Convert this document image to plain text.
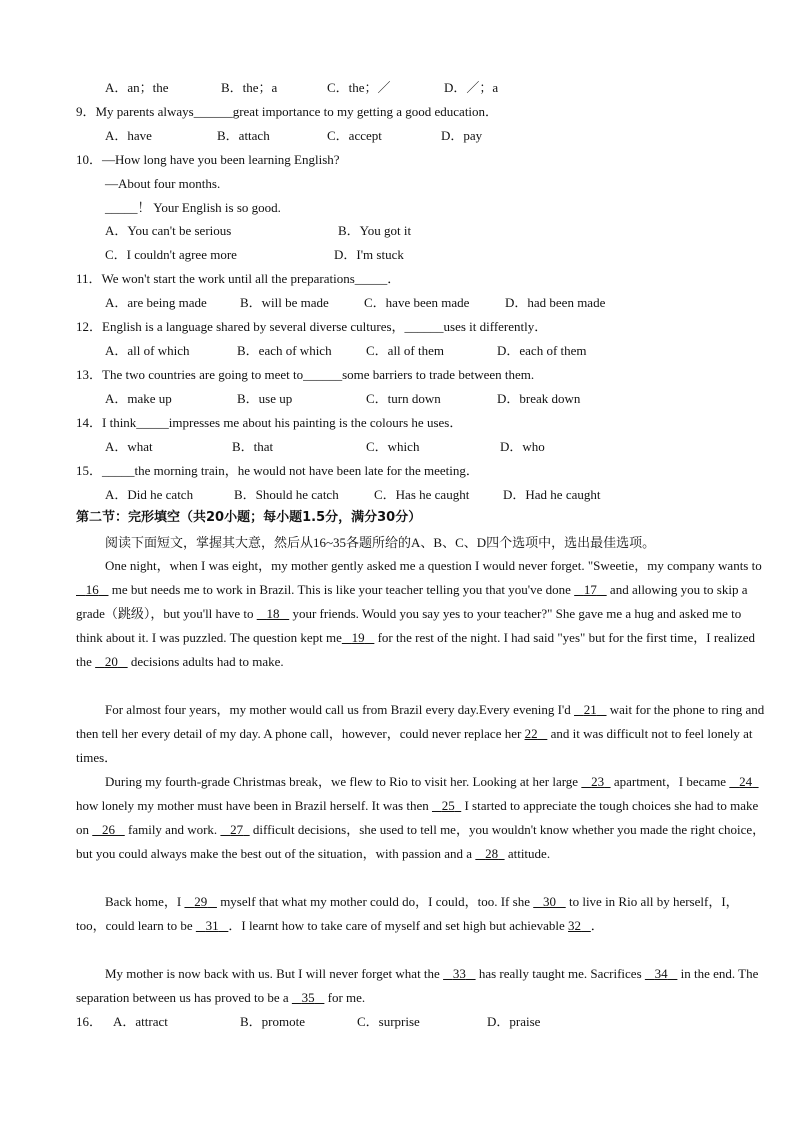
A．an；the	B．the；a	C．the；／	D．／；a
9．My parents always______great importance to my getting a good education．
A．have	B．attach	C．accept	D．pay
10．—How long have you been learning English?
—About four months.
_____！ Your English is so good.
A．You can't be serious	B．You got it
C．I couldn't agree more	D．I'm stuck
11．We won't start the work until all the preparations_____．
A．are being made	B．will be made	C．have been made	D．had been made
12．English is a language shared by several diverse cultures，______uses it differently．
A．all of which	B．each of which	C．all of them	D．each of them
13．The two countries are going to meet to______some barriers to trade between them.
A．make up	B．use up	C．turn down	D．break down
14．I think_____impresses me about his painting is the colours he uses．
A．what	B．that	C．which	D．who
15．_____the morning train，he would not have been late for the meeting．
A．Did he catch	B．Should he catch	C．Has he caught	D．Had he caught
第二节：完形填空（共20小题；每小题1.5分，满分30分）
阅读下面短文，掌握其大意，然后从16~35各题所给的A、B、C、D四个选项中，选出最佳选项。
One night，when I was eight，my mother gently asked me a question I would never forget. "Sweetie，my company wants to    16    me but needs me to work in Brazil. This is like your teacher telling you that you've done    17    and allowing you to skip a grade（跳级），but you'll have to    18    your friends. Would you say yes to your teacher?" She gave me a hug and asked me to think about it. I was puzzled. The question kept me 19    for the rest of the night. I had said "yes" but for the first time，I realized the    20    decisions adults had to make.
For almost four years，my mother would call us from Brazil every day.Every evening I'd    21    wait for the phone to ring and then tell her every detail of my day. A phone call，however，could never replace her 22    and it was difficult not to feel lonely at times．
During my fourth-grade Christmas break，we flew to Rio to visit her. Looking at her large    23   apartment，I became    24   how lonely my mother must have been in Brazil herself. It was then    25   I started to appreciate the tough choices she had to make on    26    family and work.    27   difficult decisions，she used to tell me，you wouldn't know whether you made the right choice，but you could always make the best out of the situation，with passion and a    28   attitude.
Back home，I    29    myself that what my mother could do，I could，too. If she    30    to live in Rio all by herself，I，too，could learn to be    31 ．I learnt how to take care of myself and set high but achievable 32 ．
My mother is now back with us. But I will never forget what the    33    has really taught me. Sacrifices    34    in the end. The separation between us has proved to be a    35    for me.
16． A．attract	B．promote	C．surprise	D．praise
